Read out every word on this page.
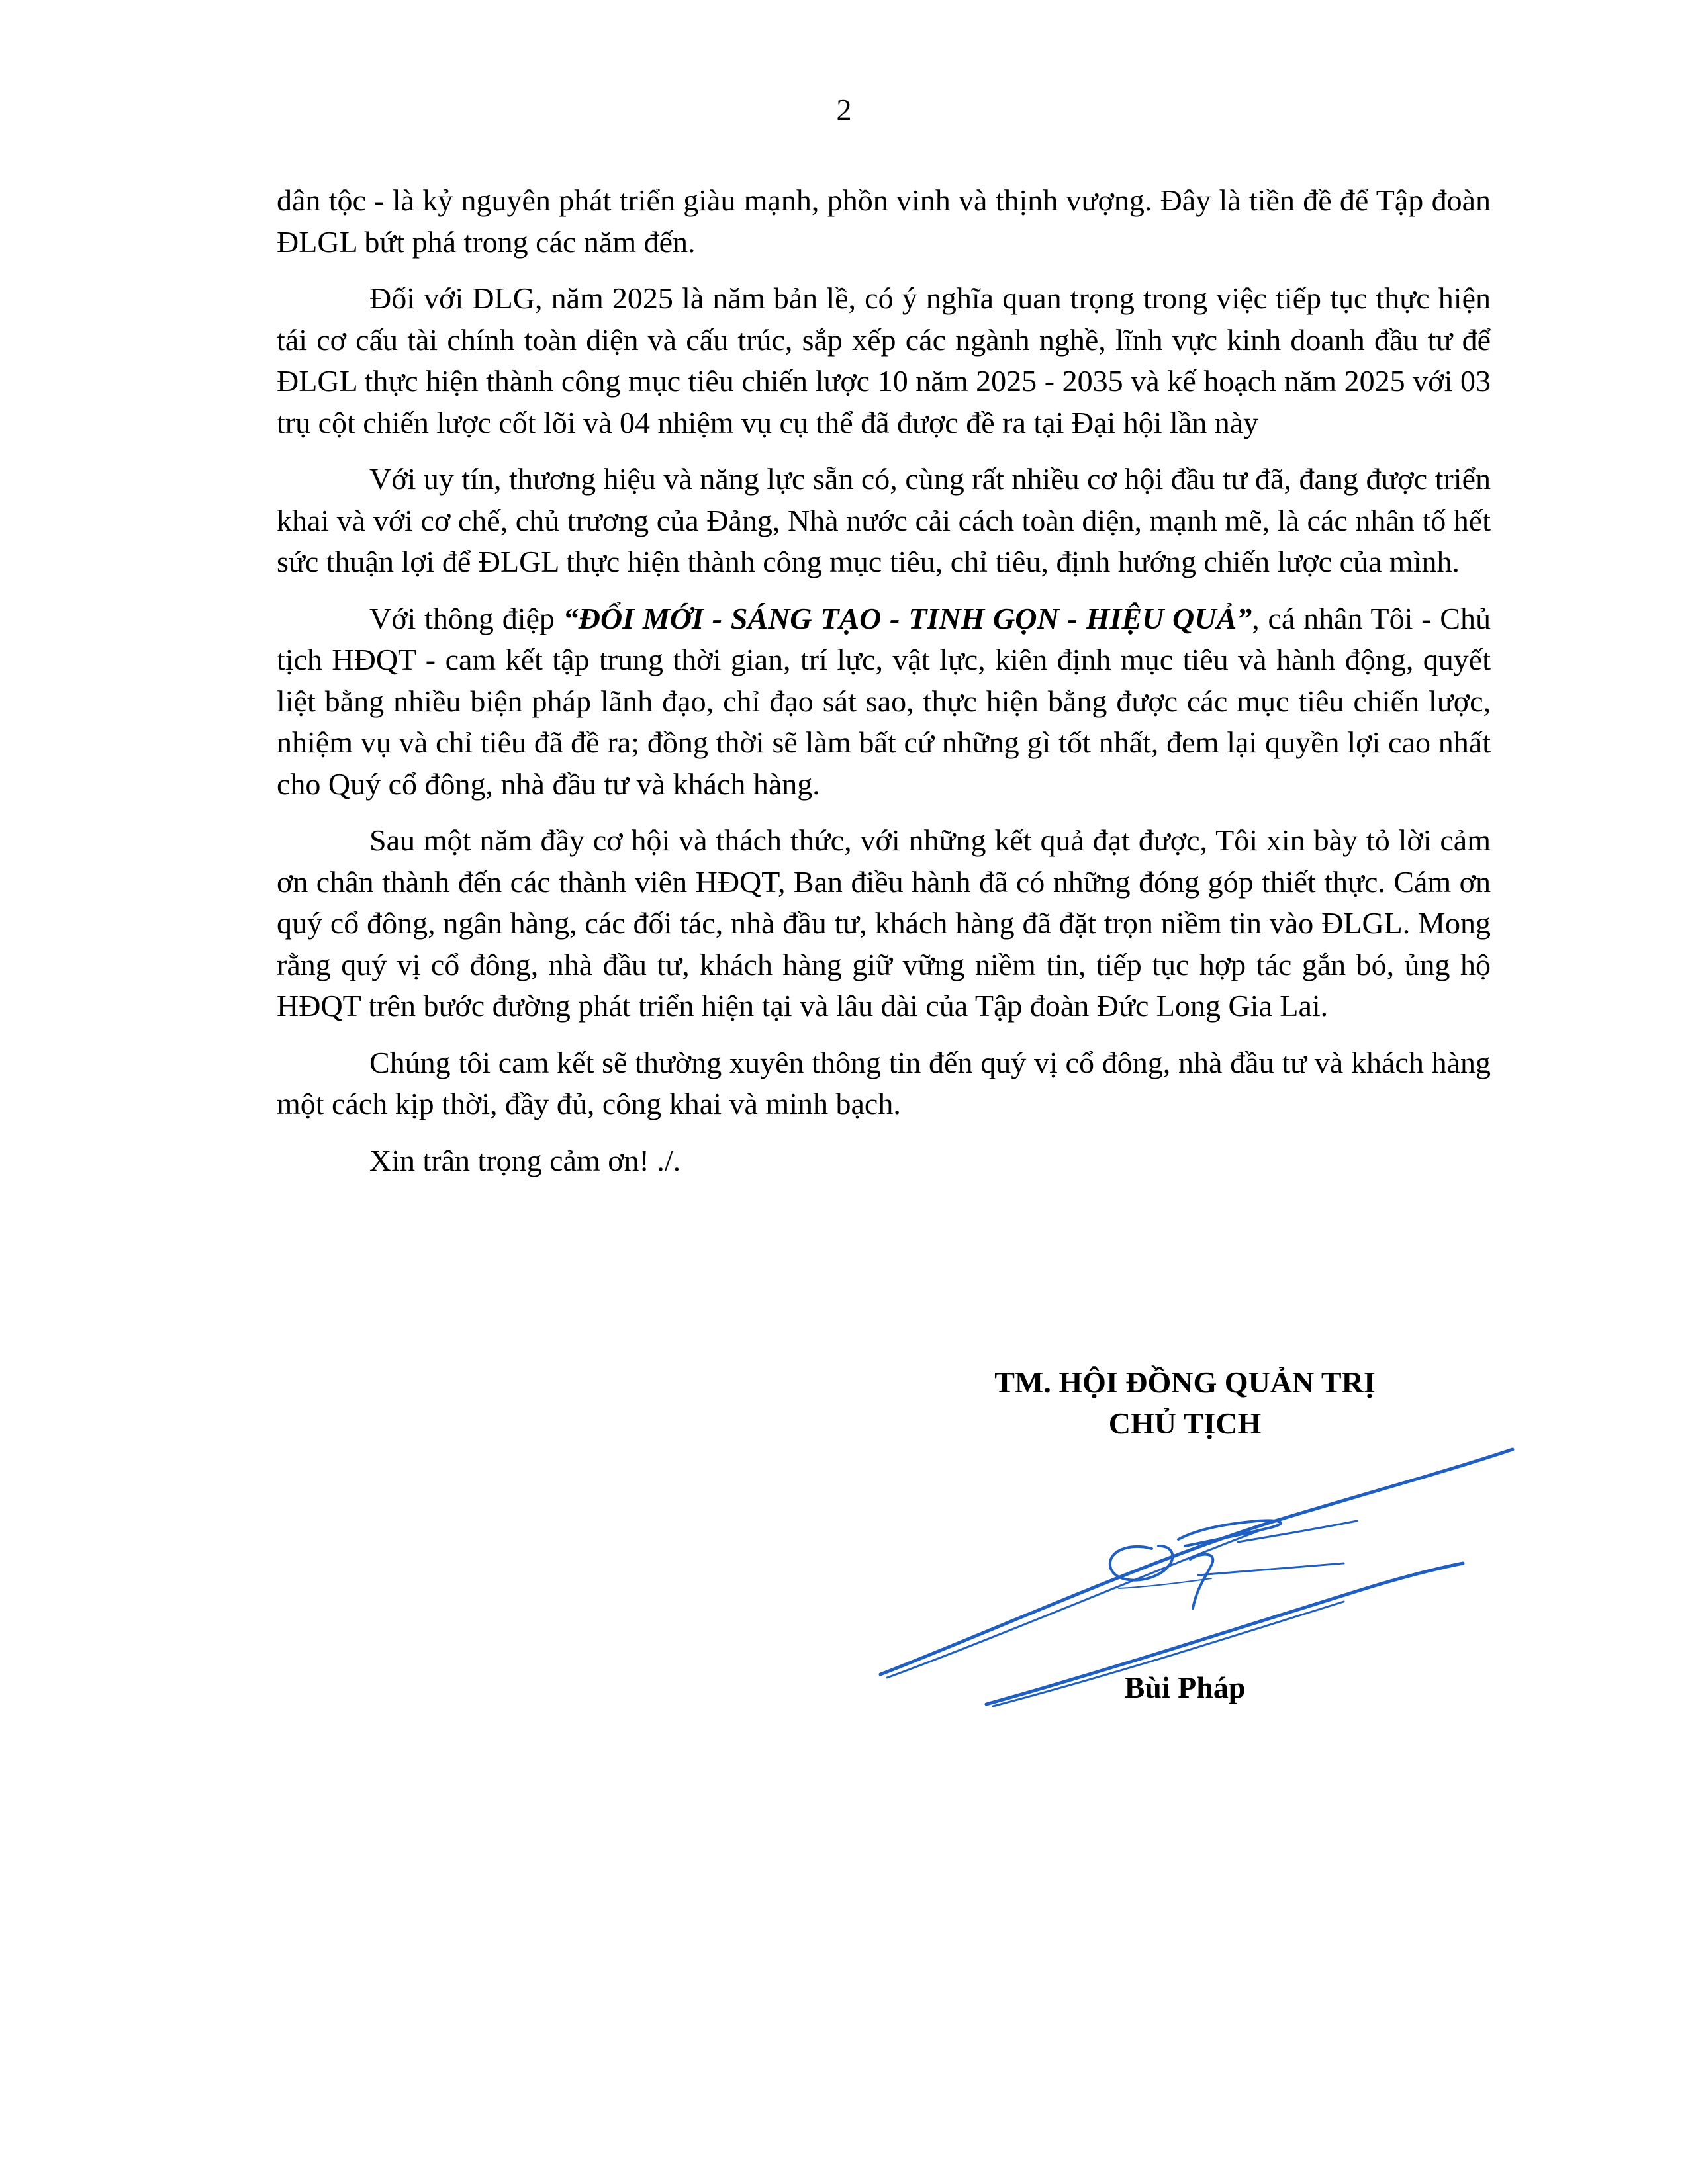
2

dân tộc - là kỷ nguyên phát triển giàu mạnh, phồn vinh và thịnh vượng. Đây là tiền đề để Tập đoàn ĐLGL bứt phá trong các năm đến.

Đối với DLG, năm 2025 là năm bản lề, có ý nghĩa quan trọng trong việc tiếp tục thực hiện tái cơ cấu tài chính toàn diện và cấu trúc, sắp xếp các ngành nghề, lĩnh vực kinh doanh đầu tư để ĐLGL thực hiện thành công mục tiêu chiến lược 10 năm 2025 - 2035 và kế hoạch năm 2025 với 03 trụ cột chiến lược cốt lõi và 04 nhiệm vụ cụ thể đã được đề ra tại Đại hội lần này

Với uy tín, thương hiệu và năng lực sẵn có, cùng rất nhiều cơ hội đầu tư đã, đang được triển khai và với cơ chế, chủ trương của Đảng, Nhà nước cải cách toàn diện, mạnh mẽ, là các nhân tố hết sức thuận lợi để ĐLGL thực hiện thành công mục tiêu, chỉ tiêu, định hướng chiến lược của mình.

Với thông điệp “ĐỔI MỚI - SÁNG TẠO - TINH GỌN - HIỆU QUẢ”, cá nhân Tôi - Chủ tịch HĐQT - cam kết tập trung thời gian, trí lực, vật lực, kiên định mục tiêu và hành động, quyết liệt bằng nhiều biện pháp lãnh đạo, chỉ đạo sát sao, thực hiện bằng được các mục tiêu chiến lược, nhiệm vụ và chỉ tiêu đã đề ra; đồng thời sẽ làm bất cứ những gì tốt nhất, đem lại quyền lợi cao nhất cho Quý cổ đông, nhà đầu tư và khách hàng.

Sau một năm đầy cơ hội và thách thức, với những kết quả đạt được, Tôi xin bày tỏ lời cảm ơn chân thành đến các thành viên HĐQT, Ban điều hành đã có những đóng góp thiết thực. Cám ơn quý cổ đông, ngân hàng, các đối tác, nhà đầu tư, khách hàng đã đặt trọn niềm tin vào ĐLGL. Mong rằng quý vị cổ đông, nhà đầu tư, khách hàng giữ vững niềm tin, tiếp tục hợp tác gắn bó, ủng hộ HĐQT trên bước đường phát triển hiện tại và lâu dài của Tập đoàn Đức Long Gia Lai.

Chúng tôi cam kết sẽ thường xuyên thông tin đến quý vị cổ đông, nhà đầu tư và khách hàng một cách kịp thời, đầy đủ, công khai và minh bạch.

Xin trân trọng cảm ơn! ./.

TM. HỘI ĐỒNG QUẢN TRỊ
CHỦ TỊCH
Bùi Pháp
